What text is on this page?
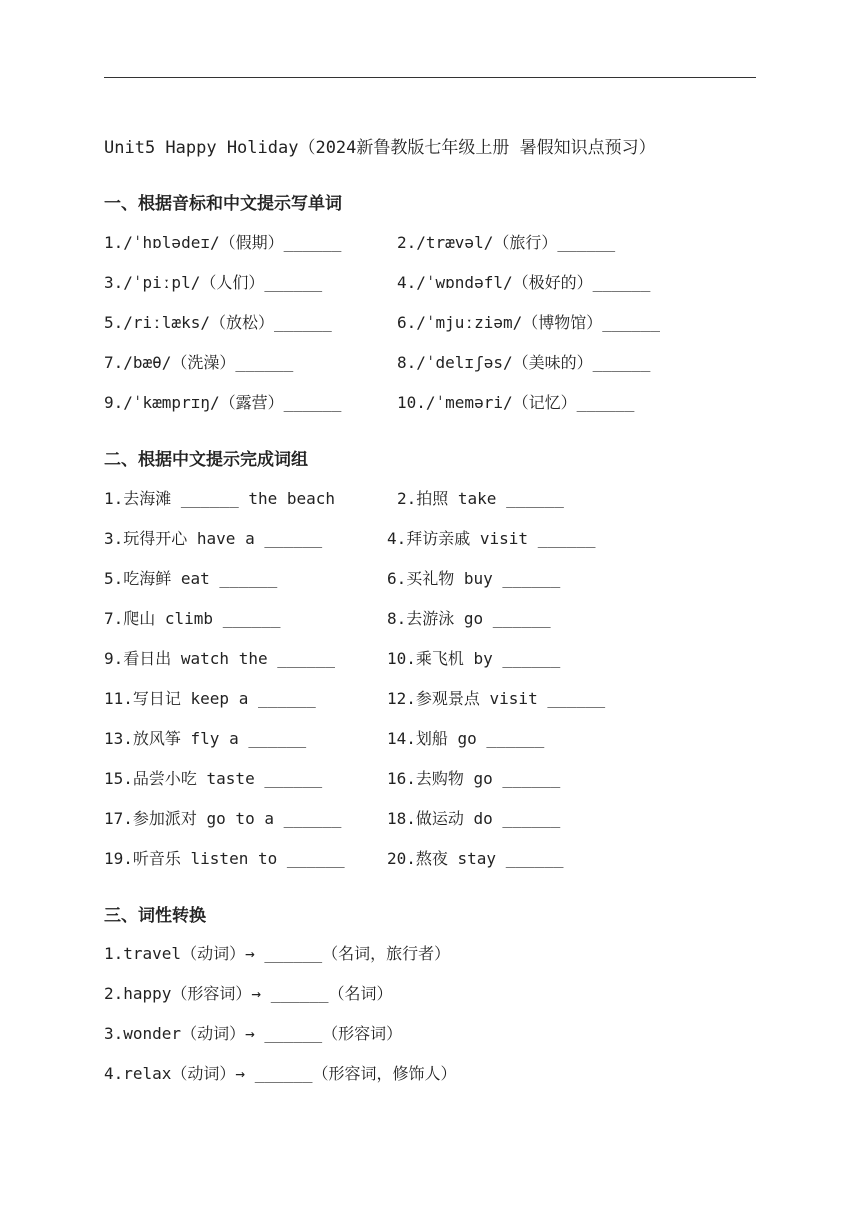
Unit5 Happy Holiday（2024新鲁教版七年级上册 暑假知识点预习）
一、根据音标和中文提示写单词
1./ˈhɒlədeɪ/（假期）______	2./trævəl/（旅行）______
3./ˈpiːpl/（人们）______	4./ˈwɒndəfl/（极好的）______
5./riːlæks/（放松）______	6./ˈmjuːziəm/（博物馆）______
7./bæθ/（洗澡）______	8./ˈdelɪʃəs/（美味的）______
9./ˈkæmprɪŋ/（露营）______	10./ˈmeməri/（记忆）______
二、根据中文提示完成词组
1.去海滩 ______ the beach	2.拍照 take ______
3.玩得开心 have a ______	4.拜访亲戚 visit ______
5.吃海鲜 eat ______	6.买礼物 buy ______
7.爬山 climb ______	8.去游泳 go ______
9.看日出 watch the ______	10.乘飞机 by ______
11.写日记 keep a ______	12.参观景点 visit ______
13.放风筝 fly a ______	14.划船 go ______
15.品尝小吃 taste ______	16.去购物 go ______
17.参加派对 go to a ______	18.做运动 do ______
19.听音乐 listen to ______	20.熬夜 stay ______
三、词性转换
1.travel（动词）→ ______（名词，旅行者）
2.happy（形容词）→ ______（名词）
3.wonder（动词）→ ______（形容词）
4.relax（动词）→ ______（形容词，修饰人）
